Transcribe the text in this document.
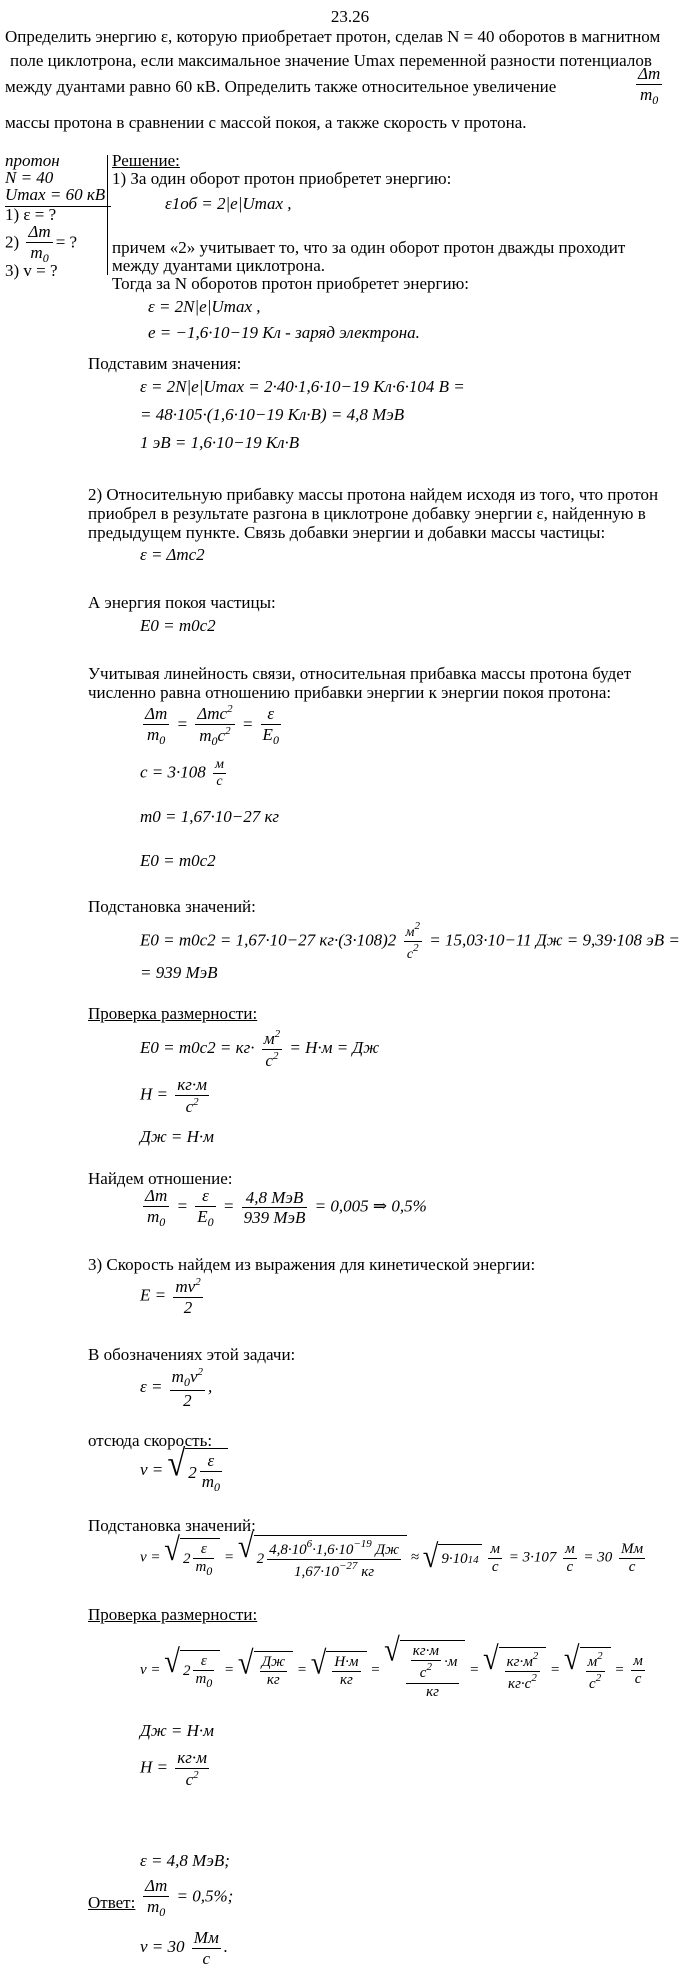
23.26
Определить энергию ε, которую приобретает протон, сделав N = 40 оборотов в магнитном
поле циклотрона, если максимальное значение Umax переменной разности потенциалов
между дуантами равно 60 кВ. Определить также относительное увеличение	$\frac{\Delta m}{m_0}$
массы протона в сравнении с массой покоя, а также скорость v протона.
протон
N = 40
Umax = 60 кВ
1) ε = ?
$2) \frac{\Delta m}{m_0}$ = ?
3) v = ?
Решение:
1) За один оборот протон приобретет энергию:
ε1об = 2|e|Umax ,
причем «2» учитывает то, что за один оборот протон дважды проходит
между дуантами циклотрона.
Тогда за N оборотов протон приобретет энергию:
ε = 2N|e|Umax ,
e = −1,6·10−19 Кл - заряд электрона.
Подставим значения:
ε = 2N|e|Umax = 2·40·1,6·10−19 Кл·6·104 В =
= 48·105·(1,6·10−19 Кл·В) = 4,8 МэВ
1 эВ = 1,6·10−19 Кл·В
2) Относительную прибавку массы протона найдем исходя из того, что протон
приобрел в результате разгона в циклотроне добавку энергии ε, найденную в
предыдущем пункте. Связь добавки энергии и добавки массы частицы:
ε = Δmc2
А энергия покоя частицы:
E0 = m0c2
Учитывая линейность связи, относительная прибавка массы протона будет
численно равна отношению прибавки энергии к энергии покоя протона:
$\frac{\Delta m}{m_0} = \frac{\Delta mc^2}{m_0c^2} = \frac{\varepsilon}{E_0}$
$c = 3\cdot 108 \frac{м}{с}$
m0 = 1,67·10−27 кг
E0 = m0c2
Подстановка значений:
E0 = m0c2 = 1,67·10−27 $кг\cdot(3\cdot 108)2 \frac{м^2}{с^2} = 15,03\cdot 10-11$ Дж = 9,39·108 эВ =
= 939 МэВ
Проверка размерности:
$E0 = m0c2 = кг\cdot \frac{м^2}{с^2} = Н\cdot м$ = Дж
$Н = \frac{кг\cdot м}{с^2}$
Дж = Н·м
Найдем отношение:
$\frac{\Delta m}{m_0} = \frac{\varepsilon}{E_0} = \frac{\text{4,8 МэВ}}{\text{939 МэВ}} = 0,005$ ⇒ 0,5%
3) Скорость найдем из выражения для кинетической энергии:
$E = \frac{mv^2}{2}$
В обозначениях этой задачи:
$\varepsilon = \frac{m_0v^2}{2}$ ,
отсюда скорость:
v = √ $2 \frac{\varepsilon}{m_0}$
Подстановка значений:
v = √ $2 \frac{\varepsilon}{m_0}$ = √ $2 \frac{4,8\cdot 10^6\cdot 1,6\cdot 10^{-19} Дж}{1,67\cdot 10^{-27} кг}$ ≈ √ 9·10 14
$\frac{м}{с} = 3\cdot 107 \frac{м}{с} = 30 \frac{Мм}{с}$
Проверка размерности:
v = √ $2 \frac{\varepsilon}{m_0}$ = √ $\frac{Дж}{кг}$ = √ $\frac{Н\cdot м}{кг}$ =
√ $\frac{\frac{кг\cdot м}{с^2} \cdot м}{кг}$ = √ $\frac{кг\cdot м^2}{кг\cdot с^2}$ = √ $\frac{м^2}{с^2} = \frac{м}{с}$
Дж = Н·м
$Н = \frac{кг\cdot м}{с^2}$
ε = 4,8 МэВ;
Ответ: $\frac{\Delta m}{m_0} = 0,5\%$;
$v = 30 \frac{Мм}{с}$ .
